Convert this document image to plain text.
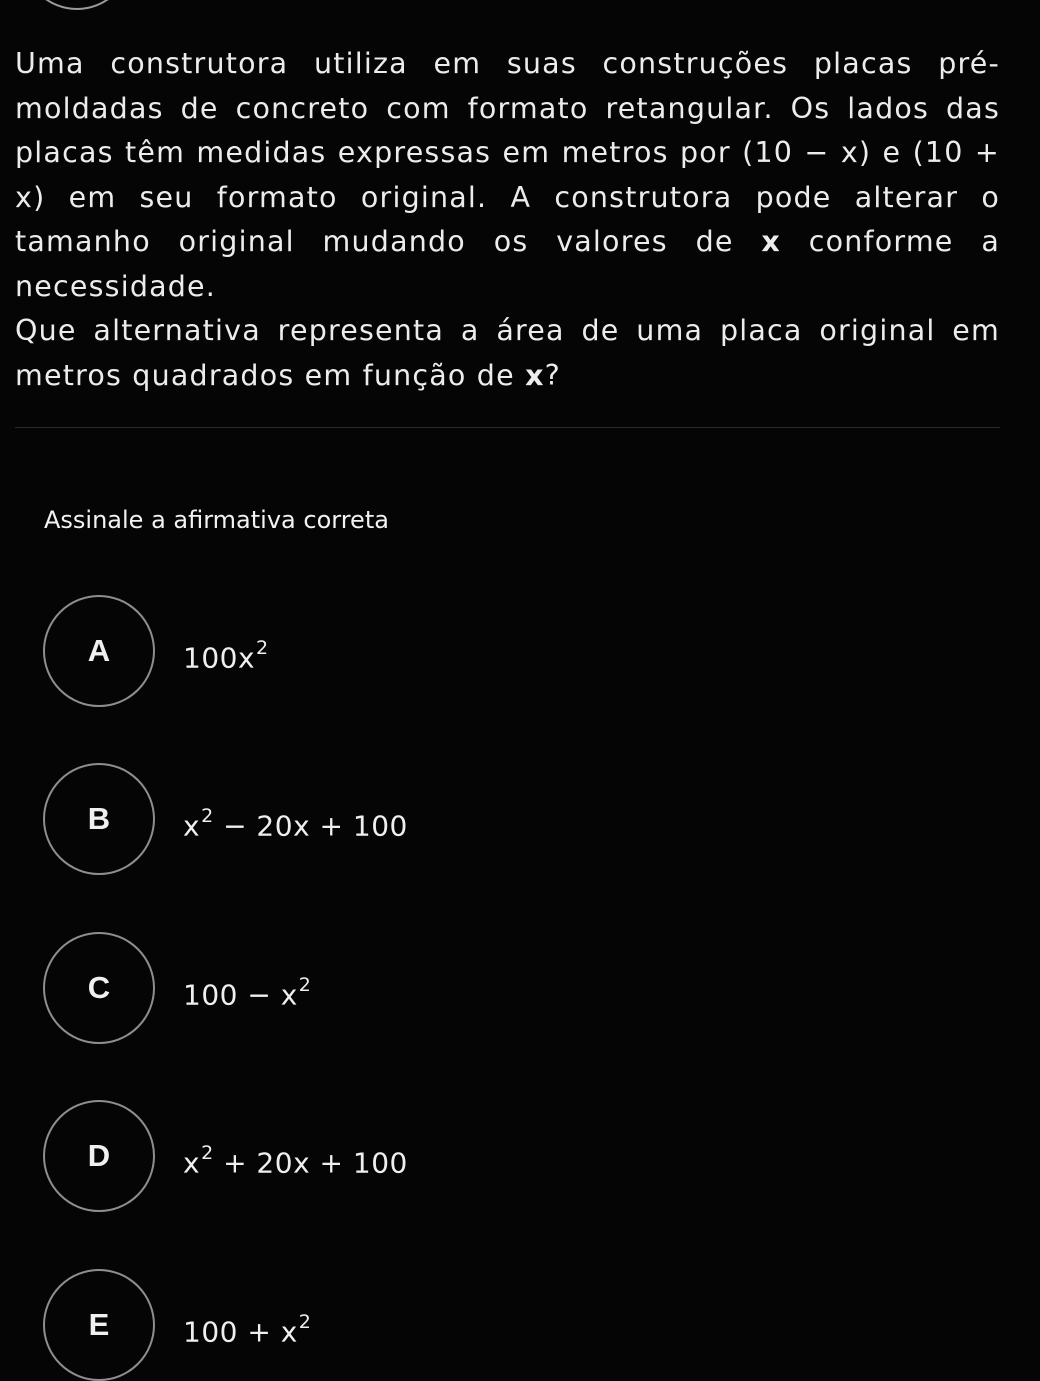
Uma construtora utiliza em suas construções placas pré-moldadas de concreto com formato retangular. Os lados das placas têm medidas expressas em metros por (10 − x) e (10 + x) em seu formato original. A construtora pode alterar o tamanho original mudando os valores de x conforme a necessidade.

Que alternativa representa a área de uma placa original em metros quadrados em função de x?

Assinale a afirmativa correta
A	$100x^2$
B	$x^2 - 20x + 100$
C	$100 - x^2$
D	$x^2 + 20x + 100$
E	$100 + x^2$
